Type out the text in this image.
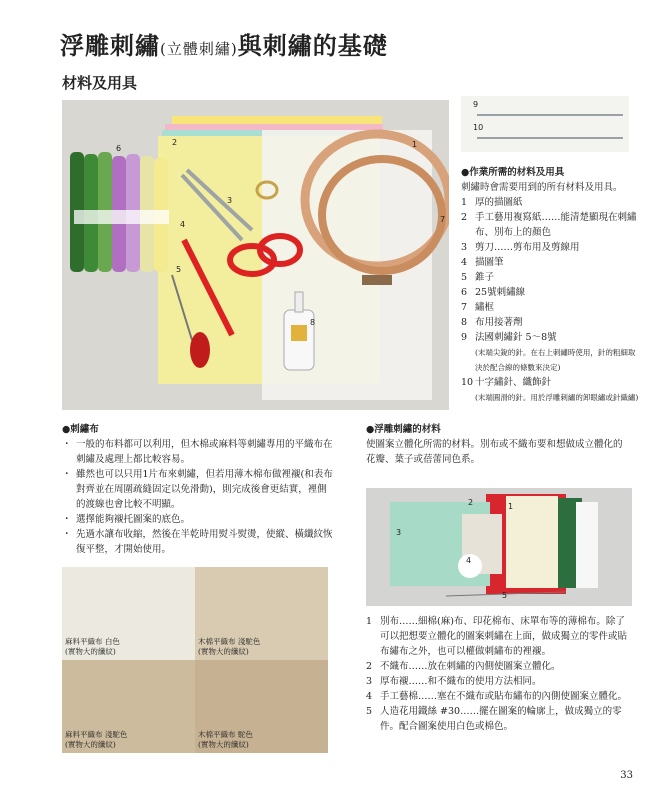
浮雕刺繡(立體刺繡)與刺繡的基礎
材料及用具
1
2
3
4
5
6
7
8
9
10
●作業所需的材料及用具
刺繡時會需要用到的所有材料及用具。
1 厚的描圖紙
2 手工藝用複寫紙……能清楚顯現在刺繡布、別布上的顏色
3 剪刀……剪布用及剪線用
4 描圖筆
5 錐子
6 25號刺繡線
7 繡框
8 布用接著劑
9 法國刺繡針 5〜8號
(末端尖銳的針。在右上刺繡時使用，針的粗細取決於配合線的條數來決定)
10 十字繡針、纖飾針
(末端圓滑的針。用於浮雕刺繡的卸眼繡或針織繡)
●刺繡布
・ 一般的布料都可以利用，但木棉或麻料等刺繡專用的平織布在刺繡及處理上都比較容易。
・ 雖然也可以只用1片布來刺繡，但若用薄木棉布做裡襯(和表布對齊並在周圍疏縫固定以免滑動)，則完成後會更結實，裡側的渡線也會比較不明顯。
・ 選擇能夠襯托圖案的底色。
・ 先過水讓布收縮，然後在半乾時用熨斗熨燙，使縱、橫纖紋恢復平整，才開始使用。
麻料平織布 白色
(實物大的纖紋)
木棉平織布 淺駝色
(實物大的纖紋)
麻料平織布 淺駝色
(實物大的纖紋)
木棉平織布 駝色
(實物大的纖紋)
●浮雕刺繡的材料
使圖案立體化所需的材料。別布或不織布要和想做成立體化的花瓣、葉子或蓓蕾同色系。
1
2
3
4
5
1 別布……細棉(麻)布、印花棉布、床單布等的薄棉布。除了可以把想要立體化的圖案刺繡在上面，做成獨立的零件或貼布繡布之外，也可以權做刺繡布的裡襯。
2 不織布……放在刺繡的內側使圖案立體化。
3 厚布襯……和不織布的使用方法相同。
4 手工藝棉……塞在不織布或貼布繡布的內側使圖案立體化。
5 人造花用鐵絲 #30……擺在圖案的輪廓上，做成獨立的零件。配合圖案使用白色或棉色。
33
